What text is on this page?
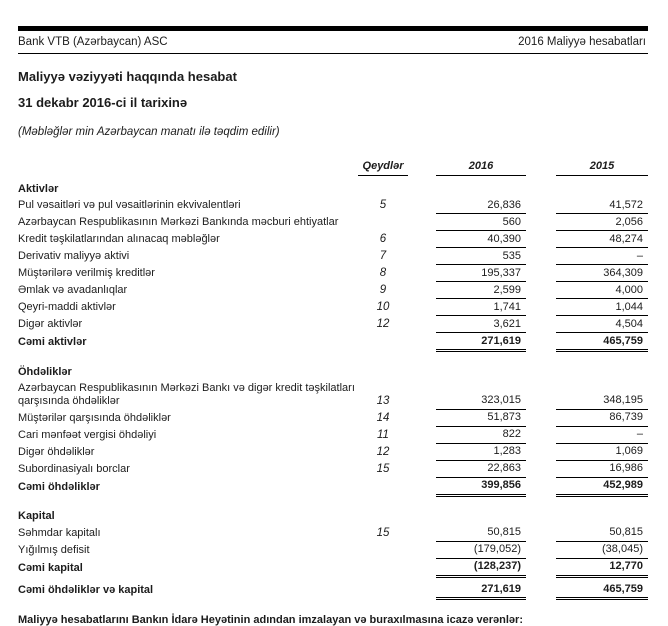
Bank VTB (Azərbaycan) ASC	2016 Maliyyə hesabatları
Maliyyə vəziyyəti haqqında hesabat
31 dekabr 2016-ci il tarixinə
(Məbləğlər min Azərbaycan manatı ilə təqdim edilir)
	Qeydlər		2016		2015
Aktivlər					
Pul vəsaitləri və pul vəsaitlərinin ekvivalentləri	5		26,836		41,572
Azərbaycan Respublikasının Mərkəzi Bankında məcburi ehtiyatlar			560		2,056
Kredit təşkilatlarından alınacaq məbləğlər	6		40,390		48,274
Derivativ maliyyə aktivi	7		535		–
Müştərilərə verilmiş kreditlər	8		195,337		364,309
Əmlak və avadanlıqlar	9		2,599		4,000
Qeyri-maddi aktivlər	10		1,741		1,044
Digər aktivlər	12		3,621		4,504
Cəmi aktivlər			271,619		465,759

Öhdəliklər					
Azərbaycan Respublikasının Mərkəzi Bankı və digər kredit təşkilatları qarşısında öhdəliklər	13		323,015		348,195
Müştərilər qarşısında öhdəliklər	14		51,873		86,739
Cari mənfəət vergisi öhdəliyi	11		822		–
Digər öhdəliklər	12		1,283		1,069
Subordinasiyalı borclar	15		22,863		16,986
Cəmi öhdəliklər			399,856		452,989

Kapital					
Səhmdar kapitalı	15		50,815		50,815
Yığılmış defisit			(179,052)		(38,045)
Cəmi kapital			(128,237)		12,770

Cəmi öhdəliklər və kapital			271,619		465,759
Maliyyə hesabatlarını Bankın İdarə Heyətinin adından imzalayan və buraxılmasına icazə verənlər:
